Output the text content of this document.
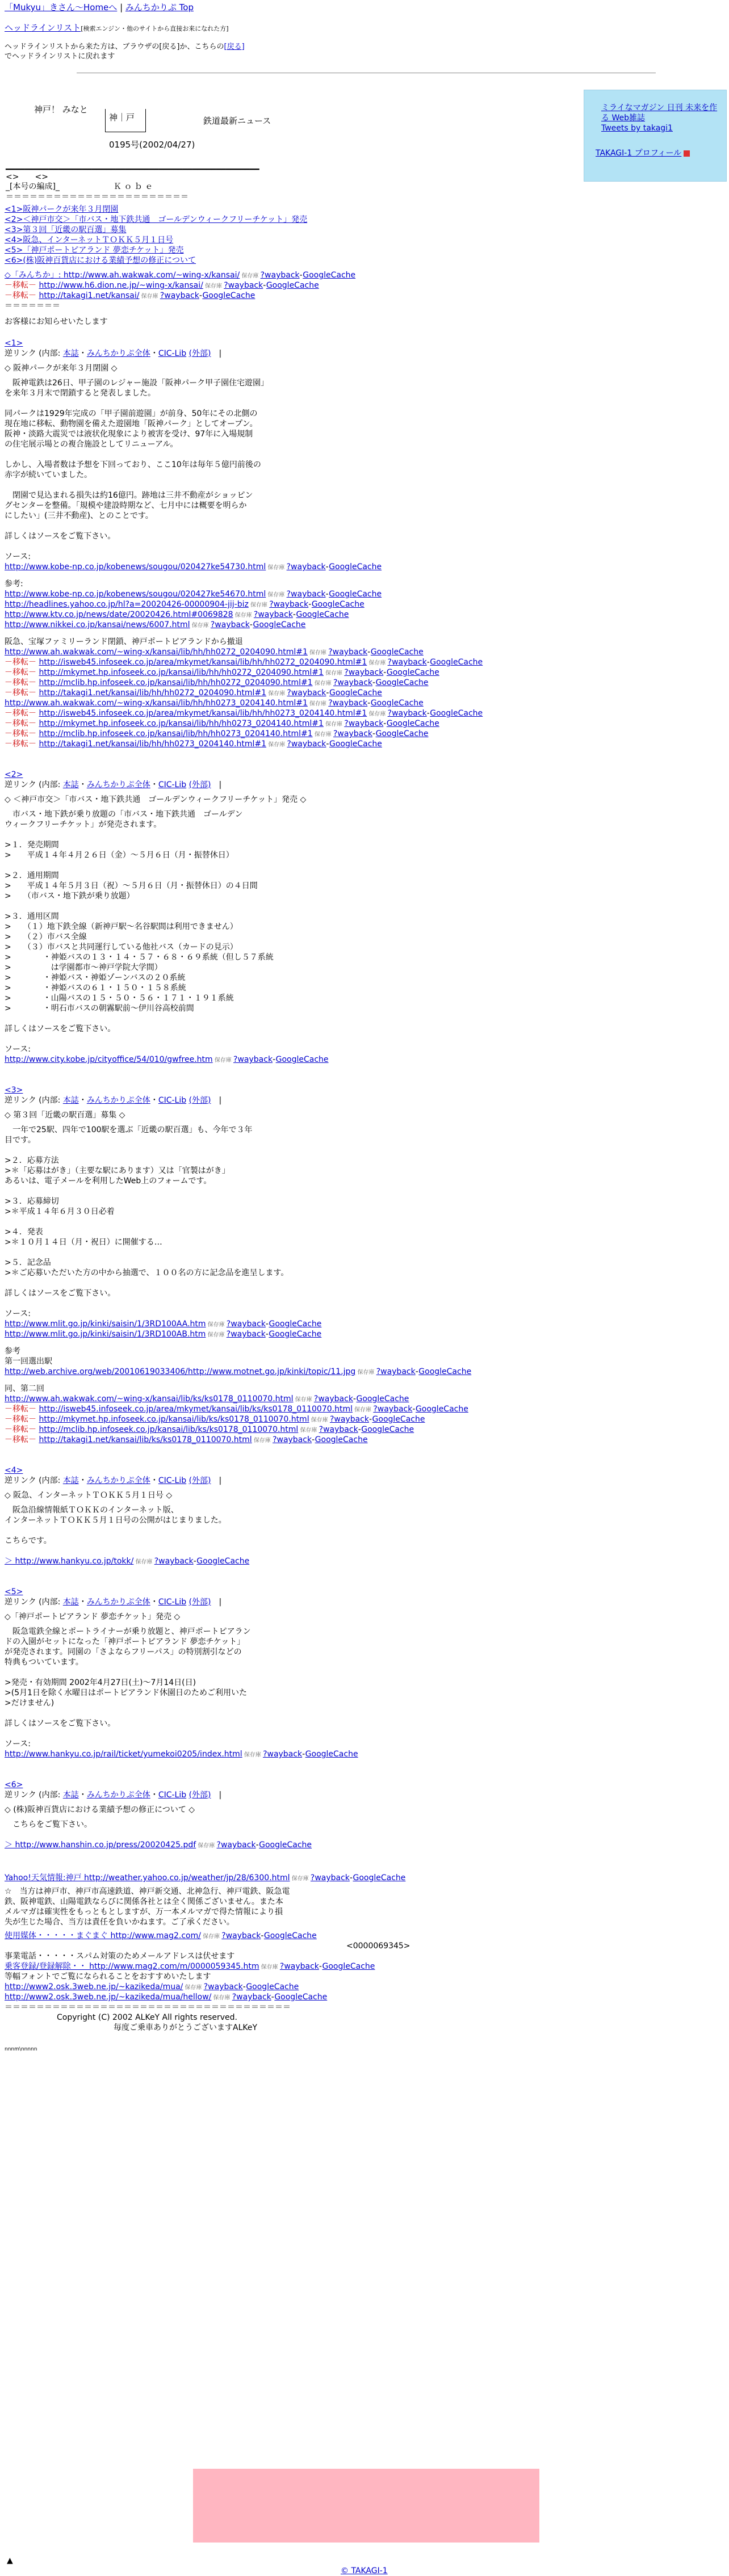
「Mukyu」きさん〜Homeへ | みんちかりぷ Top
ヘッドラインリスト[検索エンジン・他のサイトから直接お来になれた方]
ヘッドラインリストから来た方は、ブラウザの[戻る]か、こちらの[戻る]
でヘッドラインリストに戻れます
ミライなマガジン 日刊 未来を作る Web雑誌
Tweets by takagi1
TAKAGI-1 プロフィール
神戸！ みなと
神｜戸	鉄道最新ニュース
0195号(2002/04/27)
━━━━━━━━━━━━━━━━━━━━━━━━━━━━━━━━━━━━━━━━━━━━━━━━━━━━━
<>　　<>
_[本号の編成]_	Ｋ ｏ ｂ ｅ
＝＝＝＝＝＝＝＝＝＝＝＝＝＝＝＝＝＝＝＝＝＝＝
<1>阪神パークが来年３月閉園
<2>＜神戸市交＞「市バス・地下鉄共通　ゴールデンウィークフリーチケット」発売
<3>第３回「近畿の駅百選」募集
<4>阪急、インターネットＴＯＫＫ５月１日号
<5>「神戸ポートピアランド 夢恋チケット」発売
<6>(株)阪神百貨店における業績予想の修正について
◇「みんちか」: http://www.ah.wakwak.com/~wing-x/kansai/ 保存庫 ?wayback-GoogleCache
－移転－ http://www.h6.dion.ne.jp/~wing-x/kansai/ 保存庫 ?wayback-GoogleCache
－移転－ http://takagi1.net/kansai/ 保存庫 ?wayback-GoogleCache
＝＝＝＝＝＝＝
お客様にお知らせいたします
<1>
逆リンク (内部: 本誌・みんちかりぷ全体・CIC-Lib (外部)　|
◇ 阪神パークが来年３月閉園 ◇
　阪神電鉄は26日、甲子園のレジャー施設「阪神パーク甲子園住宅遊園」
を来年３月末で閉鎖すると発表しました。
同パークは1929年完成の「甲子園前遊園」が前身、50年にその北側の
現在地に移転、動物園を備えた遊園地「阪神パーク」としてオープン。
阪神・淡路大震災では液状化現象により被害を受け、97年に入場規制
の住宅展示場との複合施設としてリニューアル。
しかし、入場者数は予想を下回っており、ここ10年は毎年５億円前後の
赤字が続いていました。
　閉園で見込まれる損失は約16億円。跡地は三井不動産がショッピン
グセンターを整備。「規模や建設時期など、七月中には概要を明らか
にしたい」(三井不動産)、とのことです。
詳しくはソースをご覧下さい。
ソース:
http://www.kobe-np.co.jp/kobenews/sougou/020427ke54730.html 保存庫 ?wayback-GoogleCache
参考:
http://www.kobe-np.co.jp/kobenews/sougou/020427ke54670.html 保存庫 ?wayback-GoogleCache
http://headlines.yahoo.co.jp/hl?a=20020426-00000904-jij-biz 保存庫 ?wayback-GoogleCache
http://www.ktv.co.jp/news/date/20020426.html#0069828 保存庫 ?wayback-GoogleCache
http://www.nikkei.co.jp/kansai/news/6007.html 保存庫 ?wayback-GoogleCache
阪急、宝塚ファミリーランド閉鎖、神戸ポートピアランドから撤退
http://www.ah.wakwak.com/~wing-x/kansai/lib/hh/hh0272_0204090.html#1 保存庫 ?wayback-GoogleCache
－移転－ http://isweb45.infoseek.co.jp/area/mkymet/kansai/lib/hh/hh0272_0204090.html#1 保存庫 ?wayback-GoogleCache
－移転－ http://mkymet.hp.infoseek.co.jp/kansai/lib/hh/hh0272_0204090.html#1 保存庫 ?wayback-GoogleCache
－移転－ http://mclib.hp.infoseek.co.jp/kansai/lib/hh/hh0272_0204090.html#1 保存庫 ?wayback-GoogleCache
－移転－ http://takagi1.net/kansai/lib/hh/hh0272_0204090.html#1 保存庫 ?wayback-GoogleCache
http://www.ah.wakwak.com/~wing-x/kansai/lib/hh/hh0273_0204140.html#1 保存庫 ?wayback-GoogleCache
－移転－ http://isweb45.infoseek.co.jp/area/mkymet/kansai/lib/hh/hh0273_0204140.html#1 保存庫 ?wayback-GoogleCache
－移転－ http://mkymet.hp.infoseek.co.jp/kansai/lib/hh/hh0273_0204140.html#1 保存庫 ?wayback-GoogleCache
－移転－ http://mclib.hp.infoseek.co.jp/kansai/lib/hh/hh0273_0204140.html#1 保存庫 ?wayback-GoogleCache
－移転－ http://takagi1.net/kansai/lib/hh/hh0273_0204140.html#1 保存庫 ?wayback-GoogleCache
<2>
逆リンク (内部: 本誌・みんちかりぷ全体・CIC-Lib (外部)　|
◇ ＜神戸市交＞「市バス・地下鉄共通　ゴールデンウィークフリーチケット」発売 ◇
　市バス・地下鉄が乗り放題の「市バス・地下鉄共通　ゴールデン
ウィークフリーチケット」が発売されます。
>１．発売期間
>　　平成１４年４月２６日（金）～５月６日（月・振替休日）
>２．通用期間
>　　平成１４年５月３日（祝）～５月６日（月・振替休日）の４日間
>　　（市バス・地下鉄が乗り放題）
>３．通用区間
>　　（１）地下鉄全線（新神戸駅～名谷駅間は利用できません）
>　　（２）市バス全線
>　　（３）市バスと共同運行している他社バス（カードの見示）
>　　　　・神姫バスの１３・１４・５７・６８・６９系統（但し５７系統
>　　　　　は学園都市～神戸学院大学間）
>　　　　・神姫バス・神姫ゾーンバスの２０系統
>　　　　・神姫バスの６１・１５０・１５８系統
>　　　　・山陽バスの１５・５０・５６・１７１・１９１系統
>　　　　・明石市バスの朝霧駅前～伊川谷高校前間
詳しくはソースをご覧下さい。
ソース:
http://www.city.kobe.jp/cityoffice/54/010/gwfree.htm 保存庫 ?wayback-GoogleCache
<3>
逆リンク (内部: 本誌・みんちかりぷ全体・CIC-Lib (外部)　|
◇ 第３回「近畿の駅百選」募集 ◇
　一年で25駅、四年で100駅を選ぶ「近畿の駅百選」も、今年で３年
目です。
>２．応募方法
>＊「応募はがき」（主要な駅にあります）又は「官製はがき」
あるいは、電子メールを利用したWeb上のフォームです。
>３．応募締切
>＊平成１４年６月３０日必着
>４．発表
>＊１０月１４日（月・祝日）に開催する…
>５．記念品
>＊ご応募いただいた方の中から抽選で、１００名の方に記念品を進呈します。
詳しくはソースをご覧下さい。
ソース:
http://www.mlit.go.jp/kinki/saisin/1/3RD100AA.htm 保存庫 ?wayback-GoogleCache
http://www.mlit.go.jp/kinki/saisin/1/3RD100AB.htm 保存庫 ?wayback-GoogleCache
参考
第一回選出駅
http://web.archive.org/web/20010619033406/http://www.motnet.go.jp/kinki/topic/11.jpg 保存庫 ?wayback-GoogleCache
同、第二回
http://www.ah.wakwak.com/~wing-x/kansai/lib/ks/ks0178_0110070.html 保存庫 ?wayback-GoogleCache
－移転－ http://isweb45.infoseek.co.jp/area/mkymet/kansai/lib/ks/ks0178_0110070.html 保存庫 ?wayback-GoogleCache
－移転－ http://mkymet.hp.infoseek.co.jp/kansai/lib/ks/ks0178_0110070.html 保存庫 ?wayback-GoogleCache
－移転－ http://mclib.hp.infoseek.co.jp/kansai/lib/ks/ks0178_0110070.html 保存庫 ?wayback-GoogleCache
－移転－ http://takagi1.net/kansai/lib/ks/ks0178_0110070.html 保存庫 ?wayback-GoogleCache
<4>
逆リンク (内部: 本誌・みんちかりぷ全体・CIC-Lib (外部)　|
◇ 阪急、インターネットＴＯＫＫ５月１日号 ◇
　阪急沿線情報紙ＴＯＫＫのインターネット版、
インターネットＴＯＫＫ５月１日号の公開がはじまりました。
こちらです。
＞ http://www.hankyu.co.jp/tokk/ 保存庫 ?wayback-GoogleCache
<5>
逆リンク (内部: 本誌・みんちかりぷ全体・CIC-Lib (外部)　|
◇「神戸ポートピアランド 夢恋チケット」発売 ◇
　阪急電鉄全線とポートライナーが乗り放題と、神戸ポートピアラン
ドの入園がセットになった「神戸ポートピアランド 夢恋チケット」
が発売されます。同園の「さよならフリーパス」の特別割引などの
特典もついています。
>発売・有効期間 2002年4月27日(土)～7月14日(日)
>(5月1日を除く水曜日はポートピアランド休園日のためご利用いた
>だけません)
詳しくはソースをご覧下さい。
ソース:
http://www.hankyu.co.jp/rail/ticket/yumekoi0205/index.html 保存庫 ?wayback-GoogleCache
<6>
逆リンク (内部: 本誌・みんちかりぷ全体・CIC-Lib (外部)　|
◇ (株)阪神百貨店における業績予想の修正について ◇
　こちらをご覧下さい。
＞ http://www.hanshin.co.jp/press/20020425.pdf 保存庫 ?wayback-GoogleCache
Yahoo!天気情報:神戸 http://weather.yahoo.co.jp/weather/jp/28/6300.html 保存庫 ?wayback-GoogleCache
☆　当方は神戸市、神戸市高速鉄道、神戸新交通、北神急行、神戸電鉄、阪急電
鉄、阪神電鉄、山陽電鉄ならびに関係各社とは全く関係ございません。また本
メルマガは確実性をもっともとしますが、万一本メルマガで得た情報により損
失が生じた場合、当方は責任を負いかねます。ご了承ください。
使用媒体・・・・・まぐまぐ http://www.mag2.com/ 保存庫 ?wayback-GoogleCache
<0000069345>
事業電話・・・・・スパム対策のためメールアドレスは伏せます
乗客登録/登録解除・・ http://www.mag2.com/m/0000059345.htm 保存庫 ?wayback-GoogleCache
等幅フォントでご覧になられることをおすすめいたします
http://www2.osk.3web.ne.jp/~kazikeda/mua/ 保存庫 ?wayback-GoogleCache
http://www2.osk.3web.ne.jp/~kazikeda/mua/hellow/ 保存庫 ?wayback-GoogleCache
＝＝＝＝＝＝＝＝＝＝＝＝＝＝＝＝＝＝＝＝＝＝＝＝＝＝＝＝＝＝＝＝＝＝＝＝
Copyright (C) 2002 ALKeY All rights reserved.
毎度ご乗車ありがとうございますALKeY
nnnm\nnnnn
▲
© TAKAGI-1
